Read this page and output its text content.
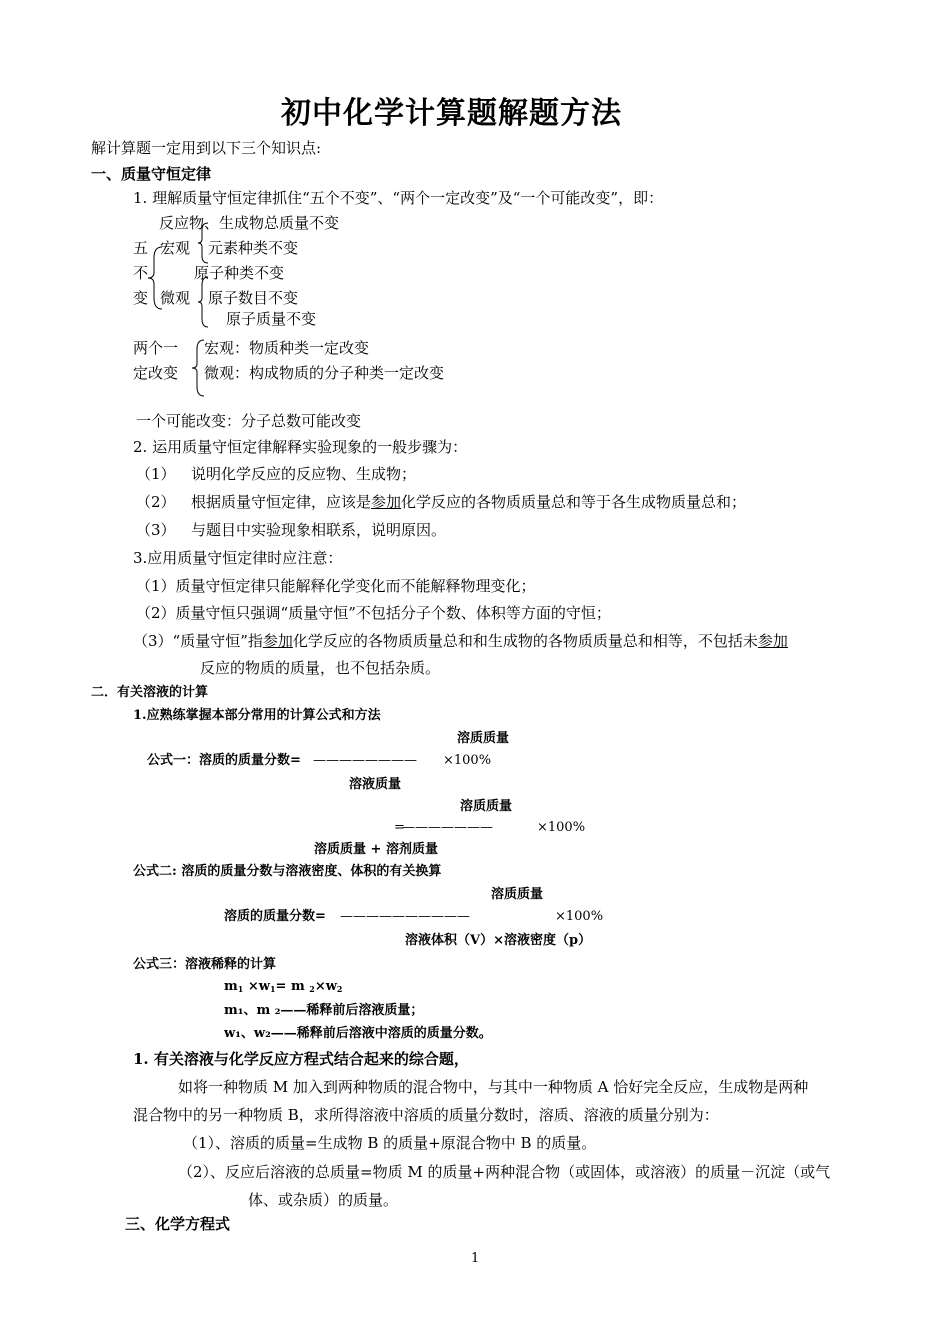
初中化学计算题解题方法
解计算题一定用到以下三个知识点:
一、质量守恒定律
1. 理解质量守恒定律抓住“五个不变”、“两个一定改变”及“一个可能改变”，即：
反应物、生成物总质量不变
五
不
变
宏观
微观
元素种类不变
原子种类不变
原子数目不变
原子质量不变
两个一
定改变
宏观：物质种类一定改变
微观：构成物质的分子种类一定改变
一个可能改变：分子总数可能改变
2. 运用质量守恒定律解释实验现象的一般步骤为：
（1） 说明化学反应的反应物、生成物；
（2） 根据质量守恒定律，应该是参加化学反应的各物质质量总和等于各生成物质量总和；
（3） 与题目中实验现象相联系，说明原因。
3.应用质量守恒定律时应注意：
（1）质量守恒定律只能解释化学变化而不能解释物理变化；
（2）质量守恒只强调“质量守恒”不包括分子个数、体积等方面的守恒；
（3）“质量守恒”指参加化学反应的各物质质量总和和生成物的各物质质量总和相等，不包括未参加
反应的物质的质量，也不包括杂质。
二．有关溶液的计算
1.应熟练掌握本部分常用的计算公式和方法
溶质质量
公式一：溶质的质量分数= ———————— ×100%
溶液质量
溶质质量
=
———————	×100%
溶质质量 + 溶剂质量
公式二: 溶质的质量分数与溶液密度、体积的有关换算
溶质质量
溶质的质量分数= ——————————	×100%
溶液体积（V）×溶液密度（p）
公式三：溶液稀释的计算
$m_1 \times w_1= m$ $_2\times w_2$
m₁、m ₂——稀释前后溶液质量；
w₁、w₂——稀释前后溶液中溶质的质量分数。
1. 有关溶液与化学反应方程式结合起来的综合题，
如将一种物质 M 加入到两种物质的混合物中，与其中一种物质 A 恰好完全反应，生成物是两种
混合物中的另一种物质 B，求所得溶液中溶质的质量分数时，溶质、溶液的质量分别为：
（1）、溶质的质量=生成物 B 的质量+原混合物中 B 的质量。
（2）、反应后溶液的总质量=物质 M 的质量+两种混合物（或固体，或溶液）的质量－沉淀（或气
体、或杂质）的质量。
三、化学方程式
1
